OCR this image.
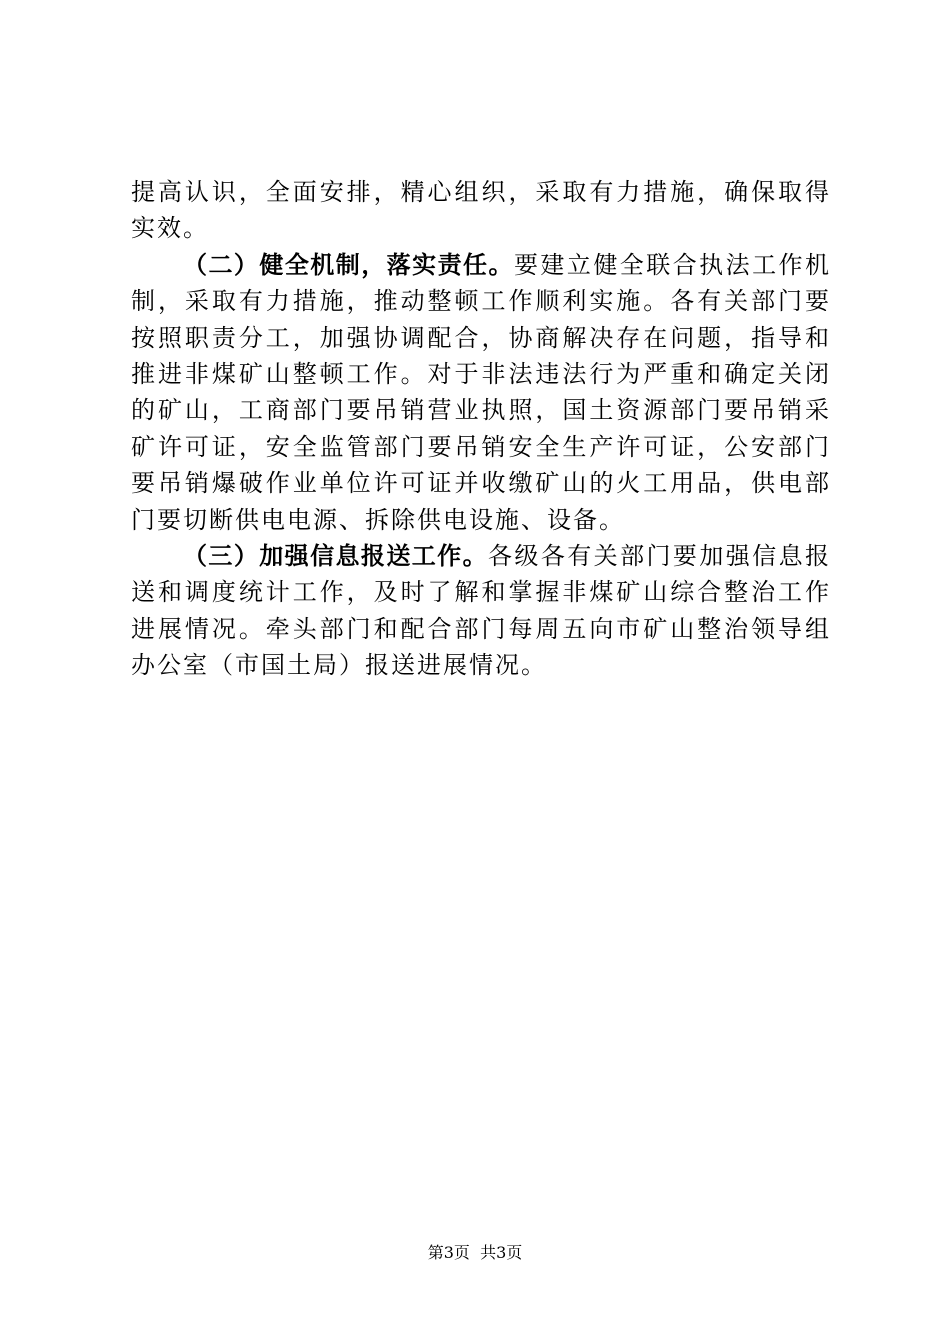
提高认识，全面安排，精心组织，采取有力措施，确保取得实效。

（二）健全机制，落实责任。要建立健全联合执法工作机制，采取有力措施，推动整顿工作顺利实施。各有关部门要按照职责分工，加强协调配合，协商解决存在问题，指导和推进非煤矿山整顿工作。对于非法违法行为严重和确定关闭的矿山，工商部门要吊销营业执照，国土资源部门要吊销采矿许可证，安全监管部门要吊销安全生产许可证，公安部门要吊销爆破作业单位许可证并收缴矿山的火工用品，供电部门要切断供电电源、拆除供电设施、设备。

（三）加强信息报送工作。各级各有关部门要加强信息报送和调度统计工作，及时了解和掌握非煤矿山综合整治工作进展情况。牵头部门和配合部门每周五向市矿山整治领导组办公室（市国土局）报送进展情况。

第3页  共3页
